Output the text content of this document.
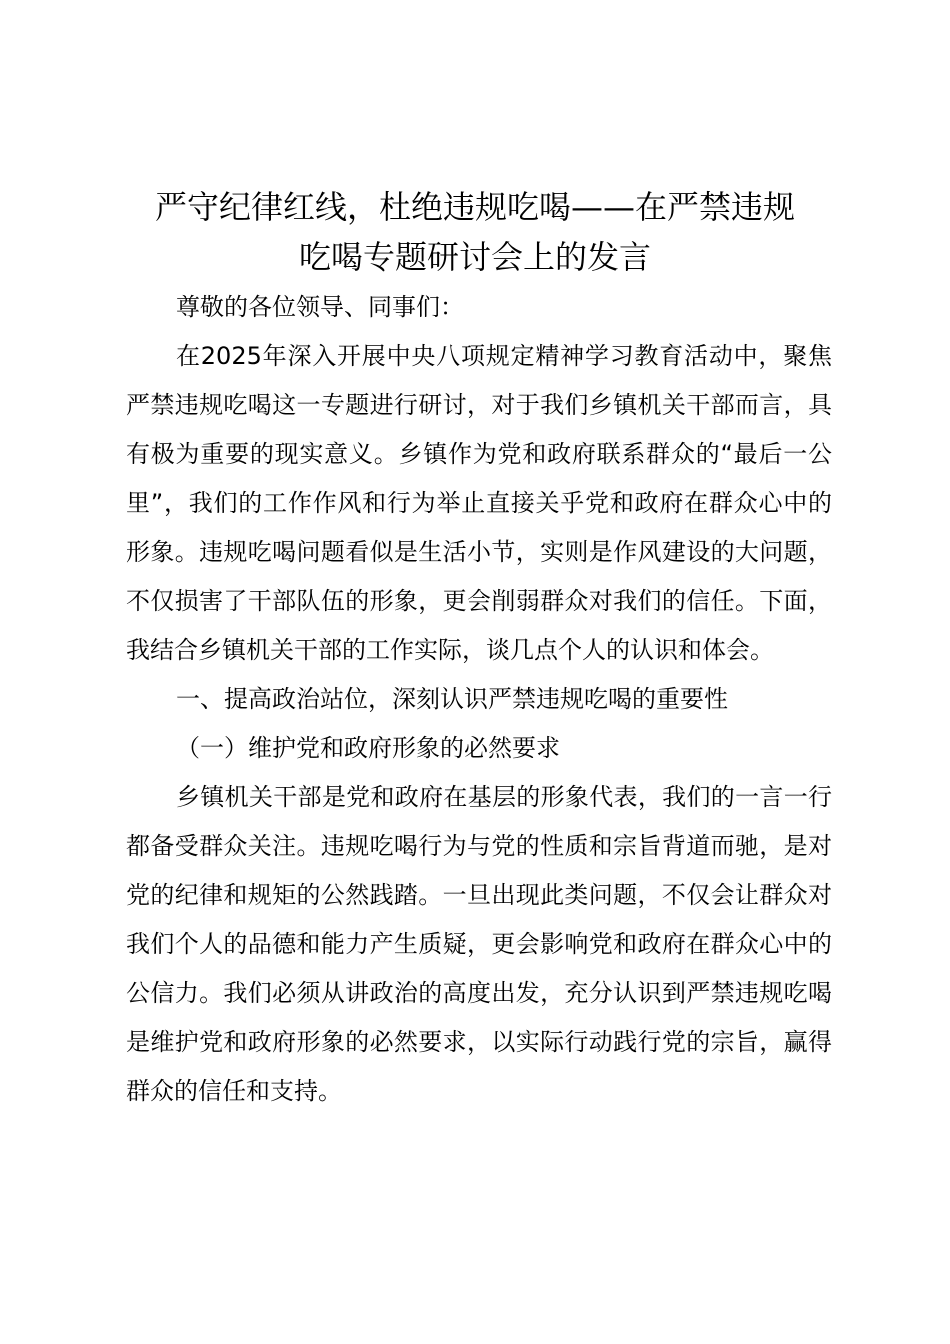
严守纪律红线，杜绝违规吃喝——在严禁违规
吃喝专题研讨会上的发言

尊敬的各位领导、同事们：

在2025年深入开展中央八项规定精神学习教育活动中，聚焦严禁违规吃喝这一专题进行研讨，对于我们乡镇机关干部而言，具有极为重要的现实意义。乡镇作为党和政府联系群众的“最后一公里”，我们的工作作风和行为举止直接关乎党和政府在群众心中的形象。违规吃喝问题看似是生活小节，实则是作风建设的大问题，不仅损害了干部队伍的形象，更会削弱群众对我们的信任。下面，我结合乡镇机关干部的工作实际，谈几点个人的认识和体会。

一、提高政治站位，深刻认识严禁违规吃喝的重要性

（一）维护党和政府形象的必然要求

乡镇机关干部是党和政府在基层的形象代表，我们的一言一行都备受群众关注。违规吃喝行为与党的性质和宗旨背道而驰，是对党的纪律和规矩的公然践踏。一旦出现此类问题，不仅会让群众对我们个人的品德和能力产生质疑，更会影响党和政府在群众心中的公信力。我们必须从讲政治的高度出发，充分认识到严禁违规吃喝是维护党和政府形象的必然要求，以实际行动践行党的宗旨，赢得群众的信任和支持。
